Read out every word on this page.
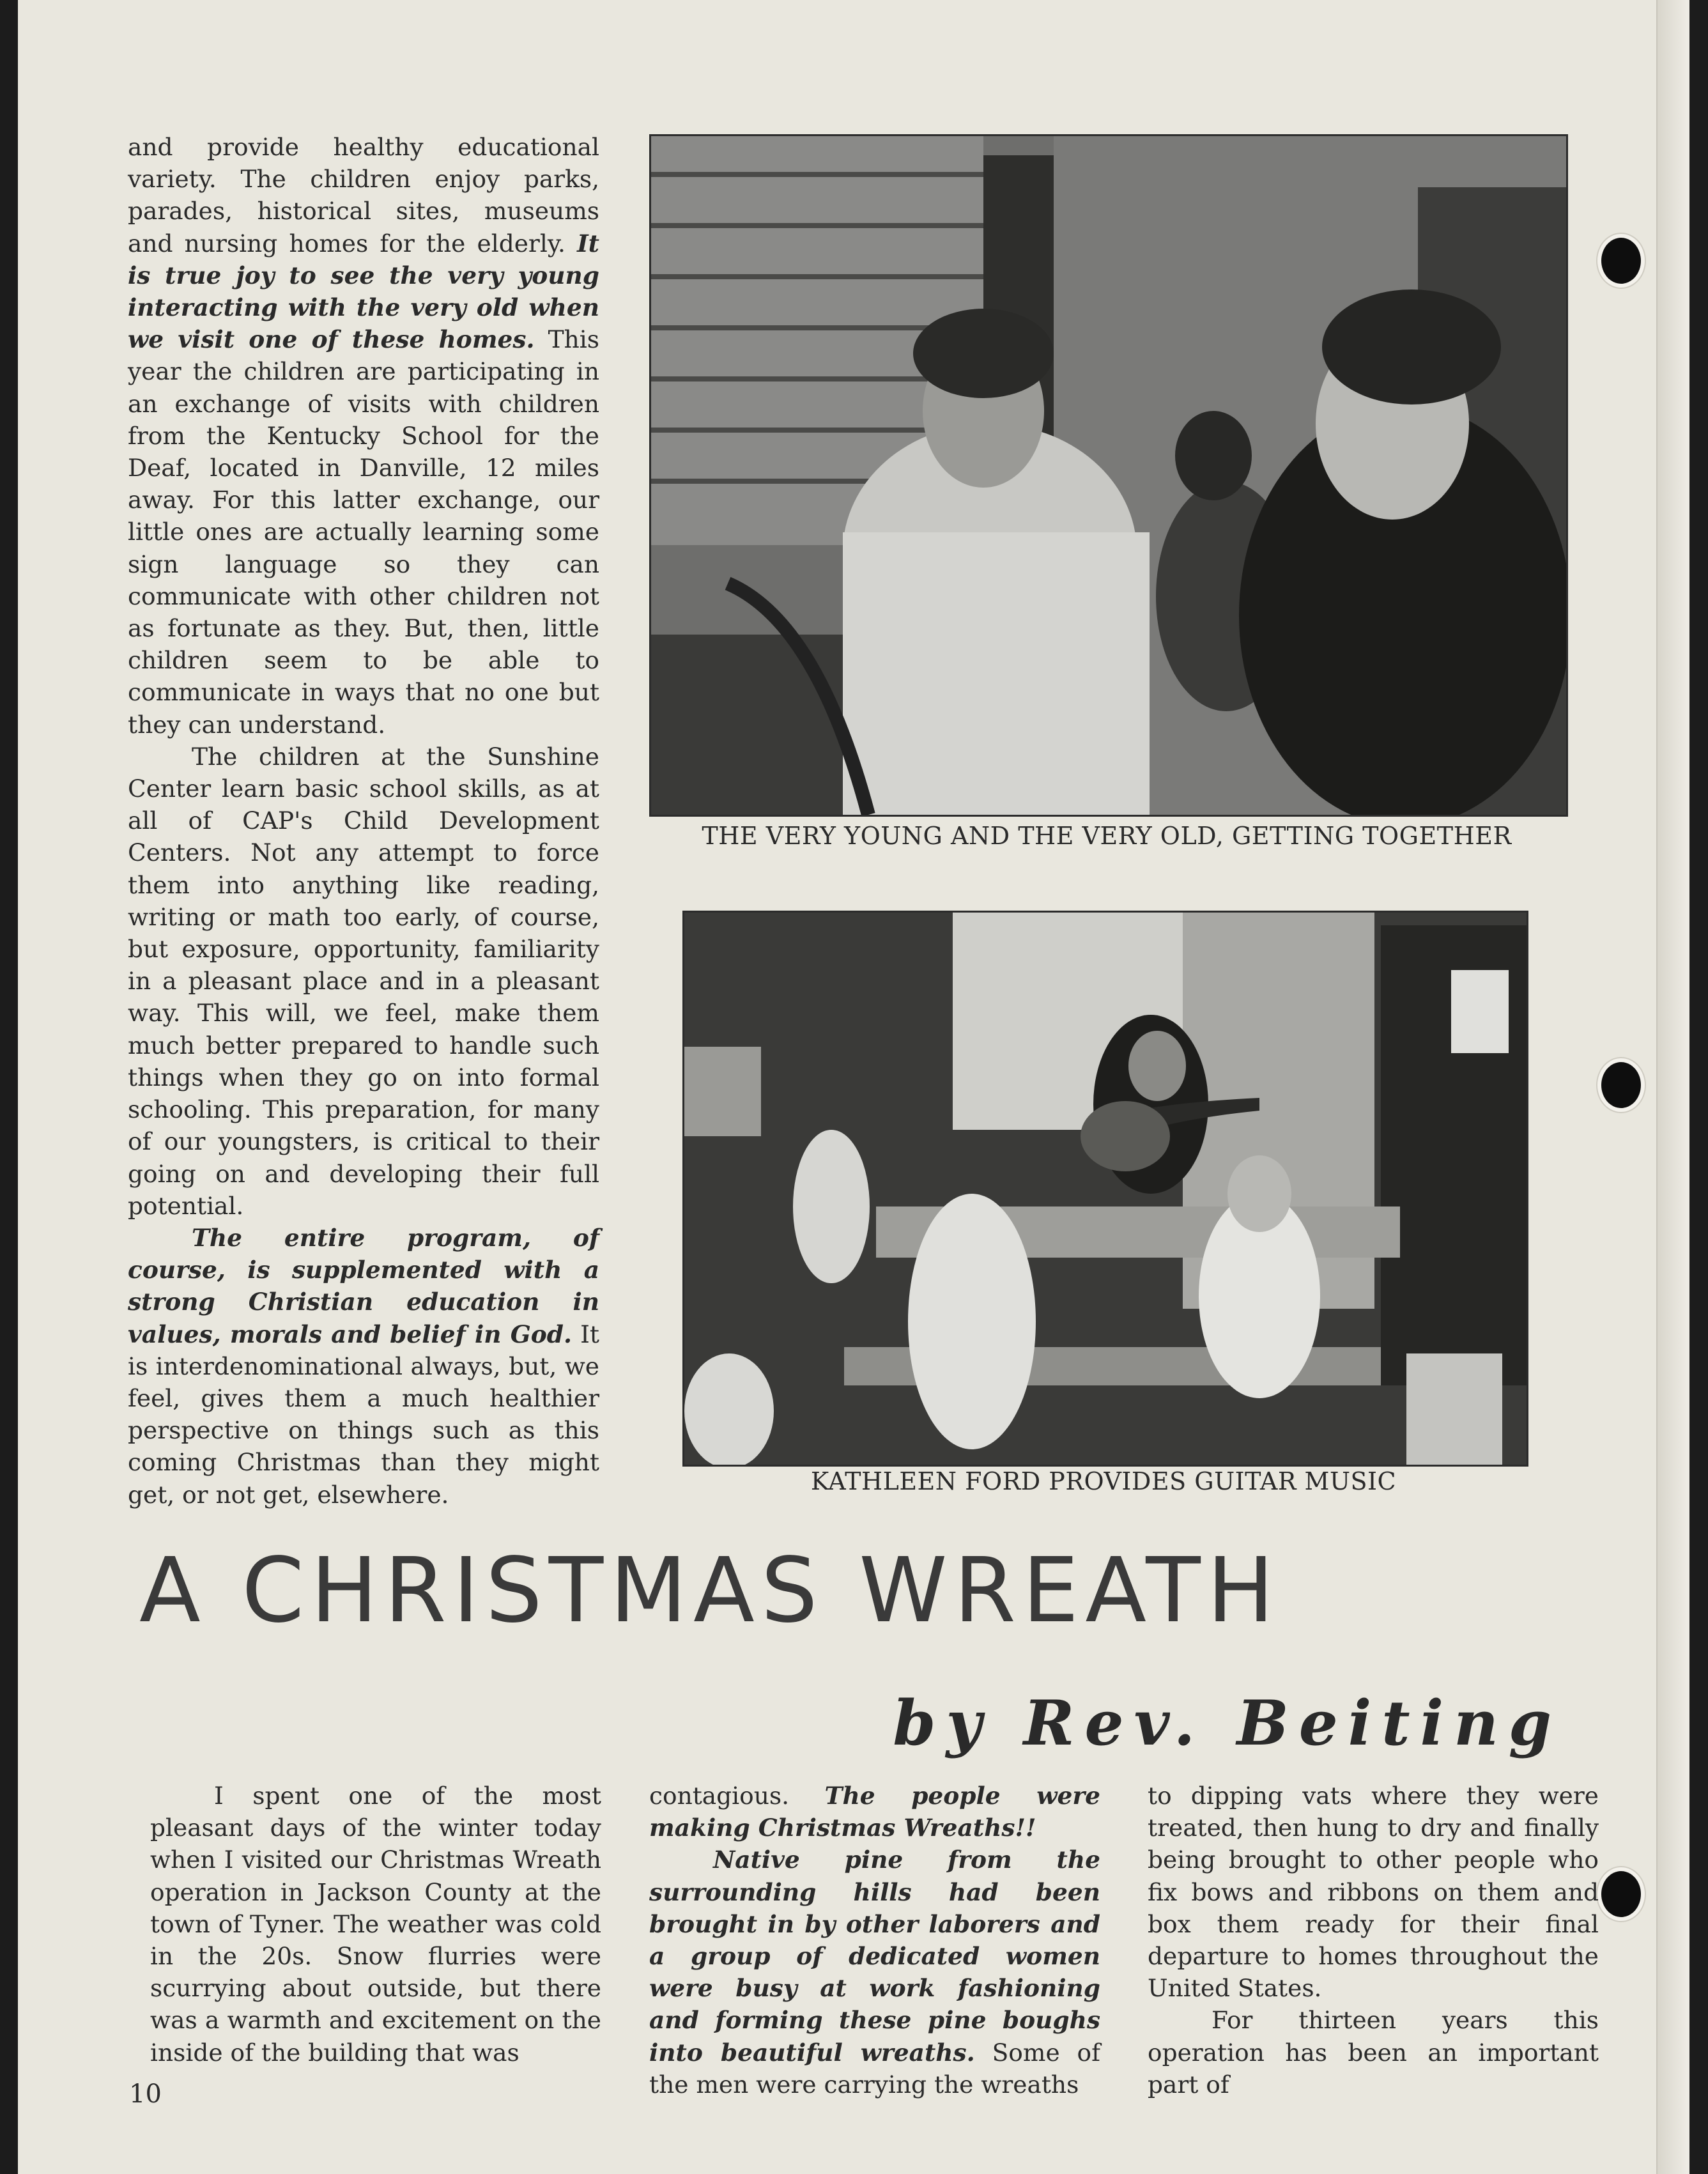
and provide healthy educational variety. The children enjoy parks, parades, historical sites, museums and nursing homes for the elderly. It is true joy to see the very young interacting with the very old when we visit one of these homes. This year the children are participating in an exchange of visits with children from the Kentucky School for the Deaf, located in Danville, 12 miles away. For this latter exchange, our little ones are actually learning some sign language so they can communicate with other children not as fortunate as they. But, then, little children seem to be able to communicate in ways that no one but they can understand.

The children at the Sunshine Center learn basic school skills, as at all of CAP's Child Development Centers. Not any attempt to force them into anything like reading, writing or math too early, of course, but exposure, opportunity, familiarity in a pleasant place and in a pleasant way. This will, we feel, make them much better prepared to handle such things when they go on into formal schooling. This preparation, for many of our youngsters, is critical to their going on and developing their full potential.

The entire program, of course, is supplemented with a strong Christian education in values, morals and belief in God. It is interdenominational always, but, we feel, gives them a much healthier perspective on things such as this coming Christmas than they might get, or not get, elsewhere.

THE VERY YOUNG AND THE VERY OLD, GETTING TOGETHER
KATHLEEN FORD PROVIDES GUITAR MUSIC
A CHRISTMAS WREATH
by Rev. Beiting

I spent one of the most pleasant days of the winter today when I visited our Christmas Wreath operation in Jackson County at the town of Tyner. The weather was cold in the 20s. Snow flurries were scurrying about outside, but there was a warmth and excitement on the inside of the building that was

contagious. The people were making Christmas Wreaths!!

Native pine from the surrounding hills had been brought in by other laborers and a group of dedicated women were busy at work fashioning and forming these pine boughs into beautiful wreaths. Some of the men were carrying the wreaths

to dipping vats where they were treated, then hung to dry and finally being brought to other people who fix bows and ribbons on them and box them ready for their final departure to homes throughout the United States.

For thirteen years this operation has been an important part of

10
